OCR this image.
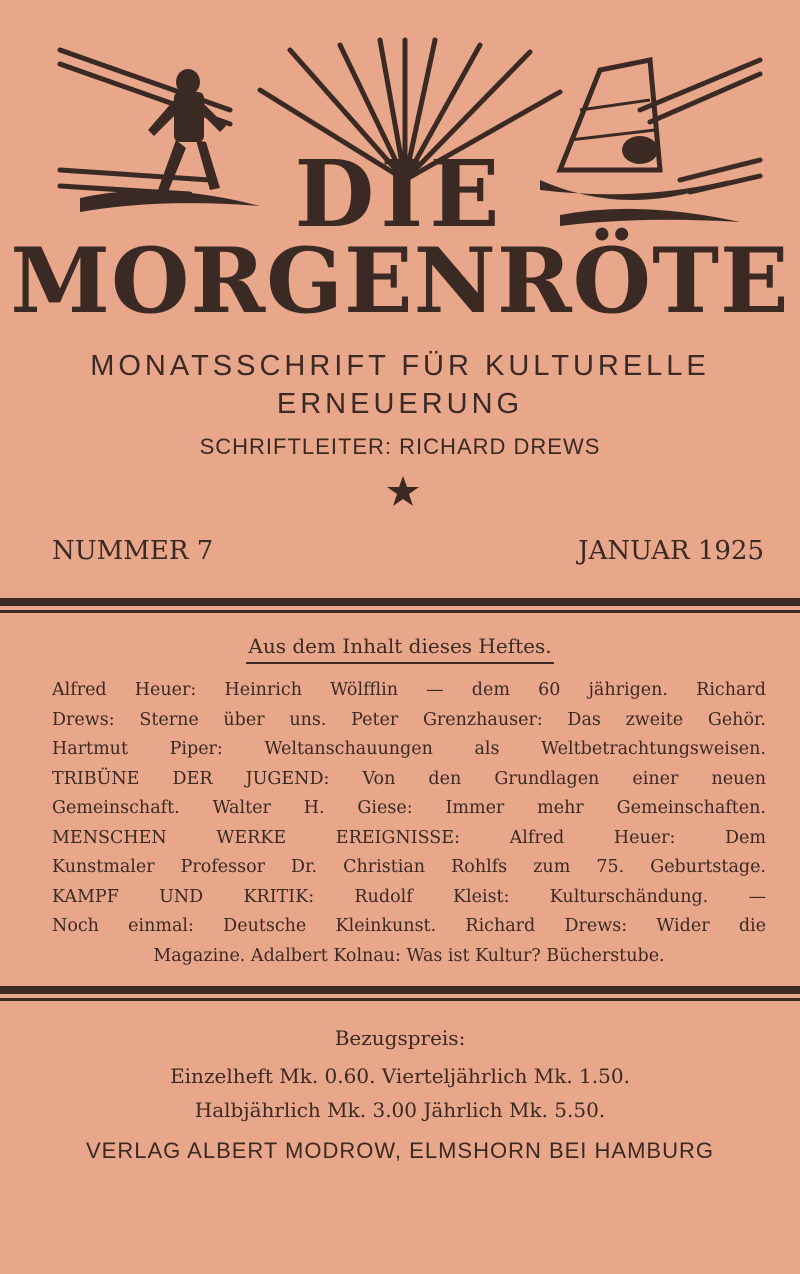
DIE
MORGENRÖTE
MONATSSCHRIFT FÜR KULTURELLE
ERNEUERUNG
SCHRIFTLEITER: RICHARD DREWS
NUMMER 7	JANUAR 1925
Aus dem Inhalt dieses Heftes.
Alfred Heuer: Heinrich Wölfflin — dem 60 jährigen. Richard
Drews: Sterne über uns. Peter Grenzhauser: Das zweite Gehör.
Hartmut Piper: Weltanschauungen als Weltbetrachtungsweisen.
TRIBÜNE DER JUGEND: Von den Grundlagen einer neuen
Gemeinschaft. Walter H. Giese: Immer mehr Gemeinschaften.
MENSCHEN WERKE EREIGNISSE: Alfred Heuer: Dem
Kunstmaler Professor Dr. Christian Rohlfs zum 75. Geburtstage.
KAMPF UND KRITIK: Rudolf Kleist: Kulturschändung. —
Noch einmal: Deutsche Kleinkunst. Richard Drews: Wider die
Magazine. Adalbert Kolnau: Was ist Kultur? Bücherstube.
Bezugspreis:
Einzelheft Mk. 0.60. Vierteljährlich Mk. 1.50.
Halbjährlich Mk. 3.00 Jährlich Mk. 5.50.
VERLAG ALBERT MODROW, ELMSHORN BEI HAMBURG
